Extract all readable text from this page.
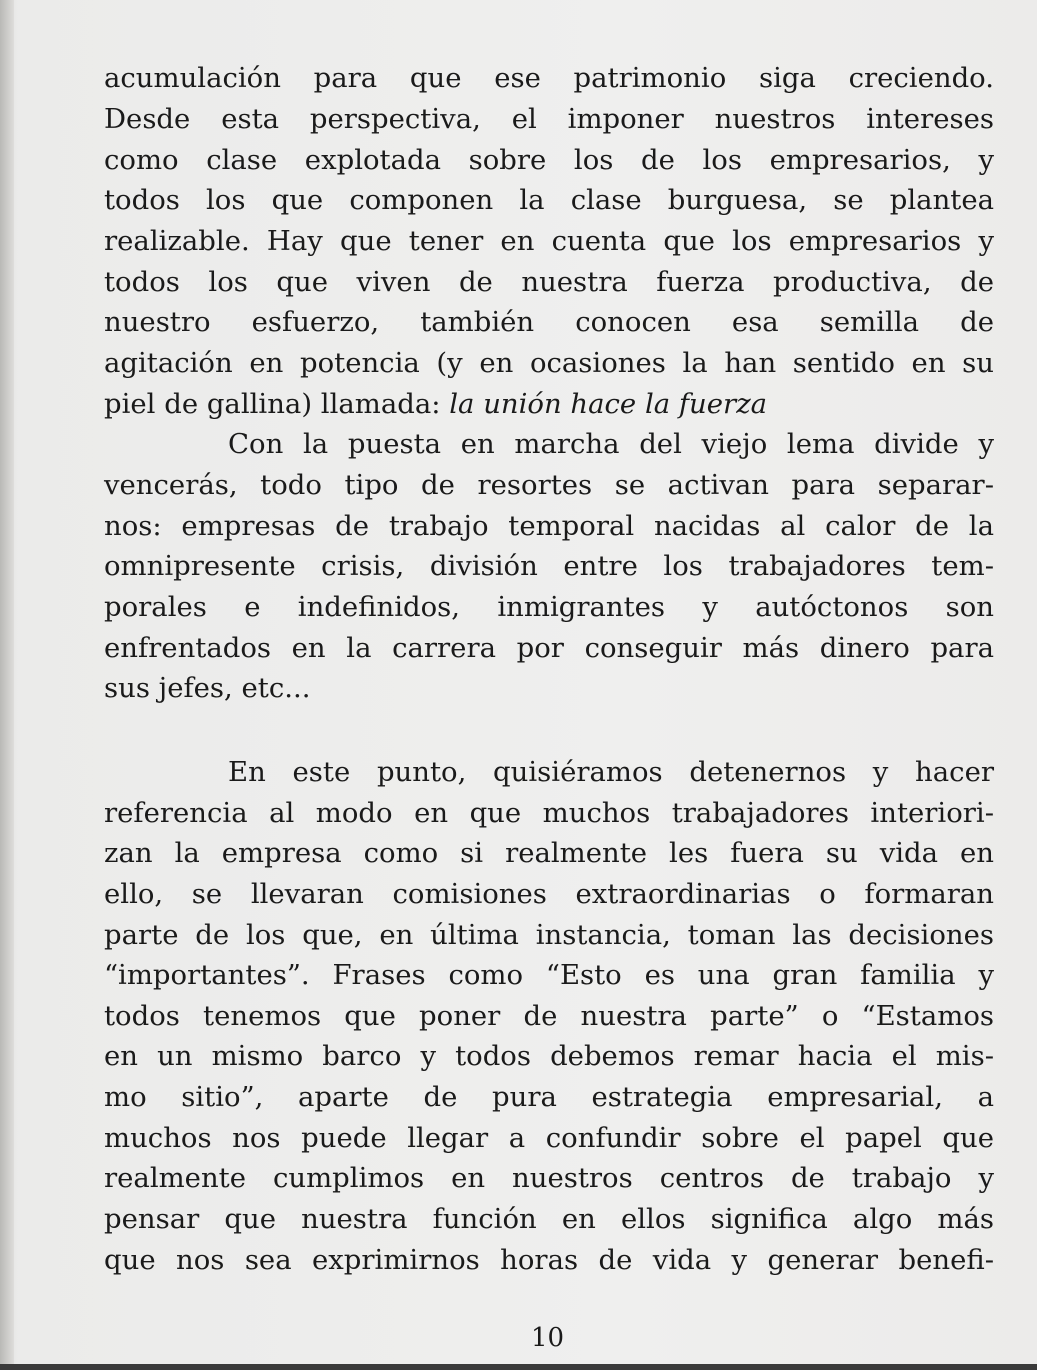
acumulación para que ese patrimonio siga creciendo.
Desde esta perspectiva, el imponer nuestros intereses
como clase explotada sobre los de los empresarios, y
todos los que componen la clase burguesa, se plantea
realizable. Hay que tener en cuenta que los empresarios y
todos los que viven de nuestra fuerza productiva, de
nuestro esfuerzo, también conocen esa semilla de
agitación en potencia (y en ocasiones la han sentido en su
piel de gallina) llamada: la unión hace la fuerza
Con la puesta en marcha del viejo lema divide y
vencerás, todo tipo de resortes se activan para separar-
nos: empresas de trabajo temporal nacidas al calor de la
omnipresente crisis, división entre los trabajadores tem-
porales e indefinidos, inmigrantes y autóctonos son
enfrentados en la carrera por conseguir más dinero para
sus jefes, etc...
En este punto, quisiéramos detenernos y hacer
referencia al modo en que muchos trabajadores interiori-
zan la empresa como si realmente les fuera su vida en
ello, se llevaran comisiones extraordinarias o formaran
parte de los que, en última instancia, toman las decisiones
“importantes”. Frases como “Esto es una gran familia y
todos tenemos que poner de nuestra parte” o “Estamos
en un mismo barco y todos debemos remar hacia el mis-
mo sitio”, aparte de pura estrategia empresarial, a
muchos nos puede llegar a confundir sobre el papel que
realmente cumplimos en nuestros centros de trabajo y
pensar que nuestra función en ellos significa algo más
que nos sea exprimirnos horas de vida y generar benefi-
10
